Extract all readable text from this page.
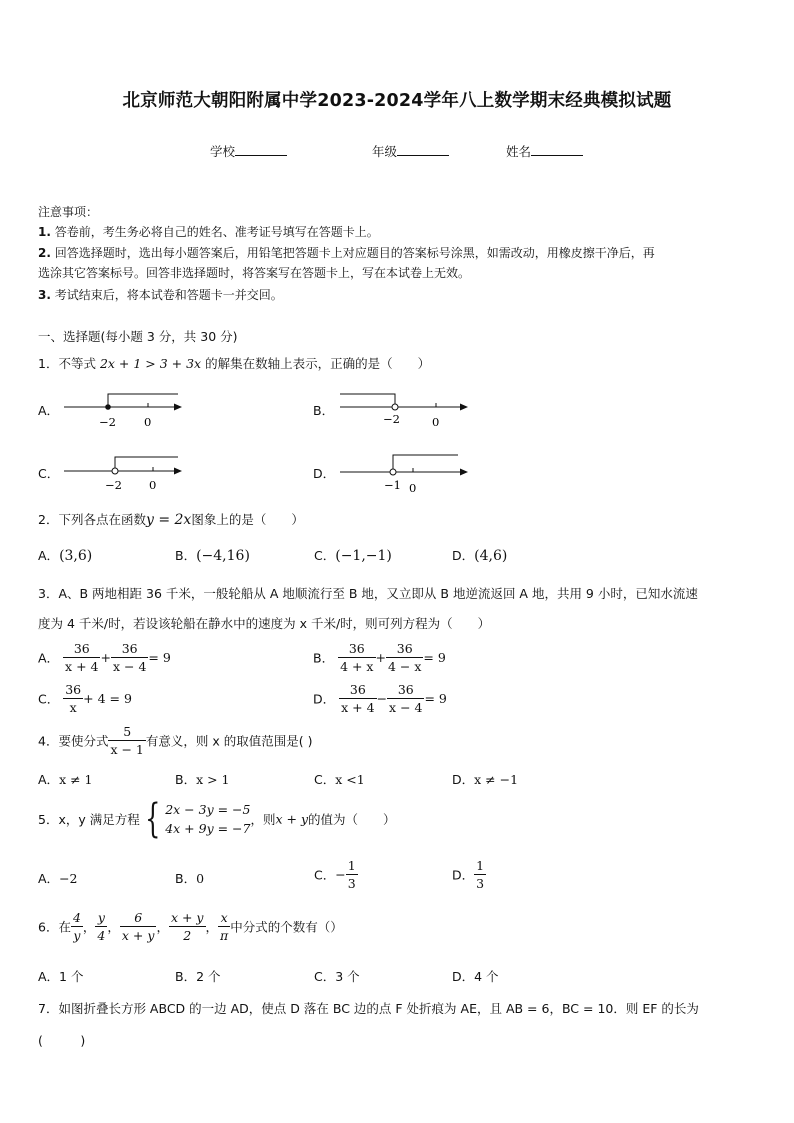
北京师范大朝阳附属中学2023-2024学年八上数学期末经典模拟试题
学校	年级	姓名
注意事项：
1. 答卷前，考生务必将自己的姓名、准考证号填写在答题卡上。
2. 回答选择题时，选出每小题答案后，用铅笔把答题卡上对应题目的答案标号涂黑，如需改动，用橡皮擦干净后，再
选涂其它答案标号。回答非选择题时，将答案写在答题卡上，写在本试卷上无效。
3. 考试结束后，将本试卷和答题卡一并交回。
一、选择题(每小题 3 分，共 30 分)
1．不等式 2x + 1 > 3 + 3x 的解集在数轴上表示，正确的是（　　）
A．
−2 0
B．
−2	0
C．
−2 0
D．
−1 0
2．下列各点在函数y = 2x图象上的是（　　）
A．(3,6)	B．(−4,16)	C．(−1,−1)	D．(4,6)
3．A、B 两地相距 36 千米，一般轮船从 A 地顺流行至 B 地，又立即从 B 地逆流返回 A 地，共用 9 小时，已知水流速
度为 4 千米/时，若设该轮船在静水中的速度为 x 千米/时，则可列方程为（　　）
A． $\frac{36}{x + 4} + \frac{36}{x - 4} = 9$	B． $\frac{36}{4 + x} + \frac{36}{4 - x} = 9$
C． $\frac{36}{x} + 4 = 9$	D． $\frac{36}{x + 4} - \frac{36}{x - 4} = 9$
4．要使分式 $\frac{5}{x - 1}$ 有意义，则 x 的取值范围是( )
A．x ≠ 1	B．x > 1	C．x <1	D．x ≠ −1
5．x，y 满足方程 { 2x − 3y = −5
4x + 9y = −7
，则x + y的值为（　　）
A．−2	B．0	C．− $\frac{1}{3}$	D． $\frac{1}{3}$
6．在 $\frac{4}{y}$ ， $\frac{y}{4}$ ， $\frac{6}{x + y}$ ， $\frac{x + y}{2}$ ， $\frac{x}{\pi}$ 中分式的个数有（）
A．1 个	B．2 个	C．3 个	D．4 个
7．如图折叠长方形 ABCD 的一边 AD，使点 D 落在 BC 边的点 F 处折痕为 AE，且 AB = 6，BC = 10．则 EF 的长为
(　　　)
